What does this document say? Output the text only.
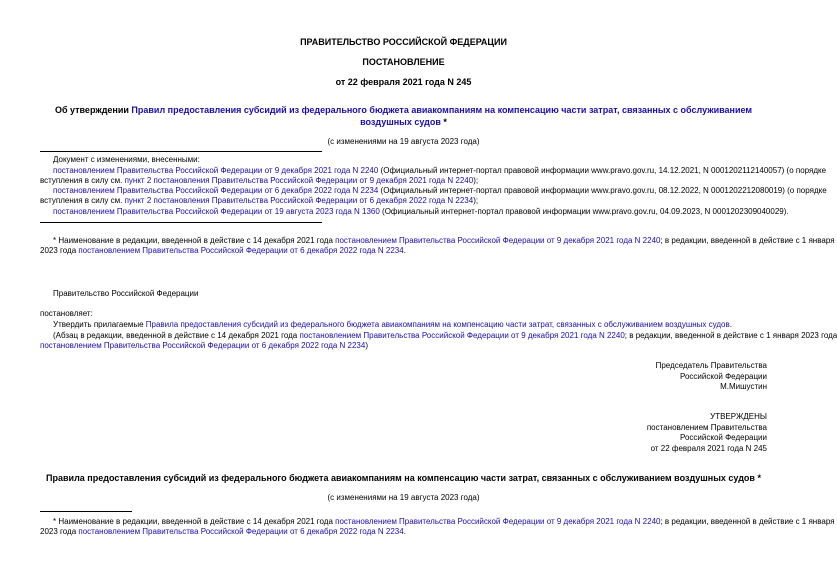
ПРАВИТЕЛЬСТВО РОССИЙСКОЙ ФЕДЕРАЦИИ
ПОСТАНОВЛЕНИЕ
от 22 февраля 2021 года N 245
Об утверждении Правил предоставления субсидий из федерального бюджета авиакомпаниям на компенсацию части затрат, связанных с обслуживанием
воздушных судов *
(с изменениями на 19 августа 2023 года)
Документ с изменениями, внесенными:
постановлением Правительства Российской Федерации от 9 декабря 2021 года N 2240 (Официальный интернет-портал правовой информации www.pravo.gov.ru, 14.12.2021, N 0001202112140057) (о порядке
вступления в силу см. пункт 2 постановления Правительства Российской Федерации от 9 декабря 2021 года N 2240);
постановлением Правительства Российской Федерации от 6 декабря 2022 года N 2234 (Официальный интернет-портал правовой информации www.pravo.gov.ru, 08.12.2022, N 0001202212080019) (о порядке
вступления в силу см. пункт 2 постановления Правительства Российской Федерации от 6 декабря 2022 года N 2234);
постановлением Правительства Российской Федерации от 19 августа 2023 года N 1360 (Официальный интернет-портал правовой информации www.pravo.gov.ru, 04.09.2023, N 0001202309040029).
* Наименование в редакции, введенной в действие с 14 декабря 2021 года постановлением Правительства Российской Федерации от 9 декабря 2021 года N 2240; в редакции, введенной в действие с 1 января
2023 года постановлением Правительства Российской Федерации от 6 декабря 2022 года N 2234.
Правительство Российской Федерации
постановляет:
Утвердить прилагаемые Правила предоставления субсидий из федерального бюджета авиакомпаниям на компенсацию части затрат, связанных с обслуживанием воздушных судов.
(Абзац в редакции, введенной в действие с 14 декабря 2021 года постановлением Правительства Российской Федерации от 9 декабря 2021 года N 2240; в редакции, введенной в действие с 1 января 2023 года
постановлением Правительства Российской Федерации от 6 декабря 2022 года N 2234)
Председатель Правительства
Российской Федерации
М.Мишустин
УТВЕРЖДЕНЫ
постановлением Правительства
Российской Федерации
от 22 февраля 2021 года N 245
Правила предоставления субсидий из федерального бюджета авиакомпаниям на компенсацию части затрат, связанных с обслуживанием воздушных судов *
(с изменениями на 19 августа 2023 года)
* Наименование в редакции, введенной в действие с 14 декабря 2021 года постановлением Правительства Российской Федерации от 9 декабря 2021 года N 2240; в редакции, введенной в действие с 1 января
2023 года постановлением Правительства Российской Федерации от 6 декабря 2022 года N 2234.
